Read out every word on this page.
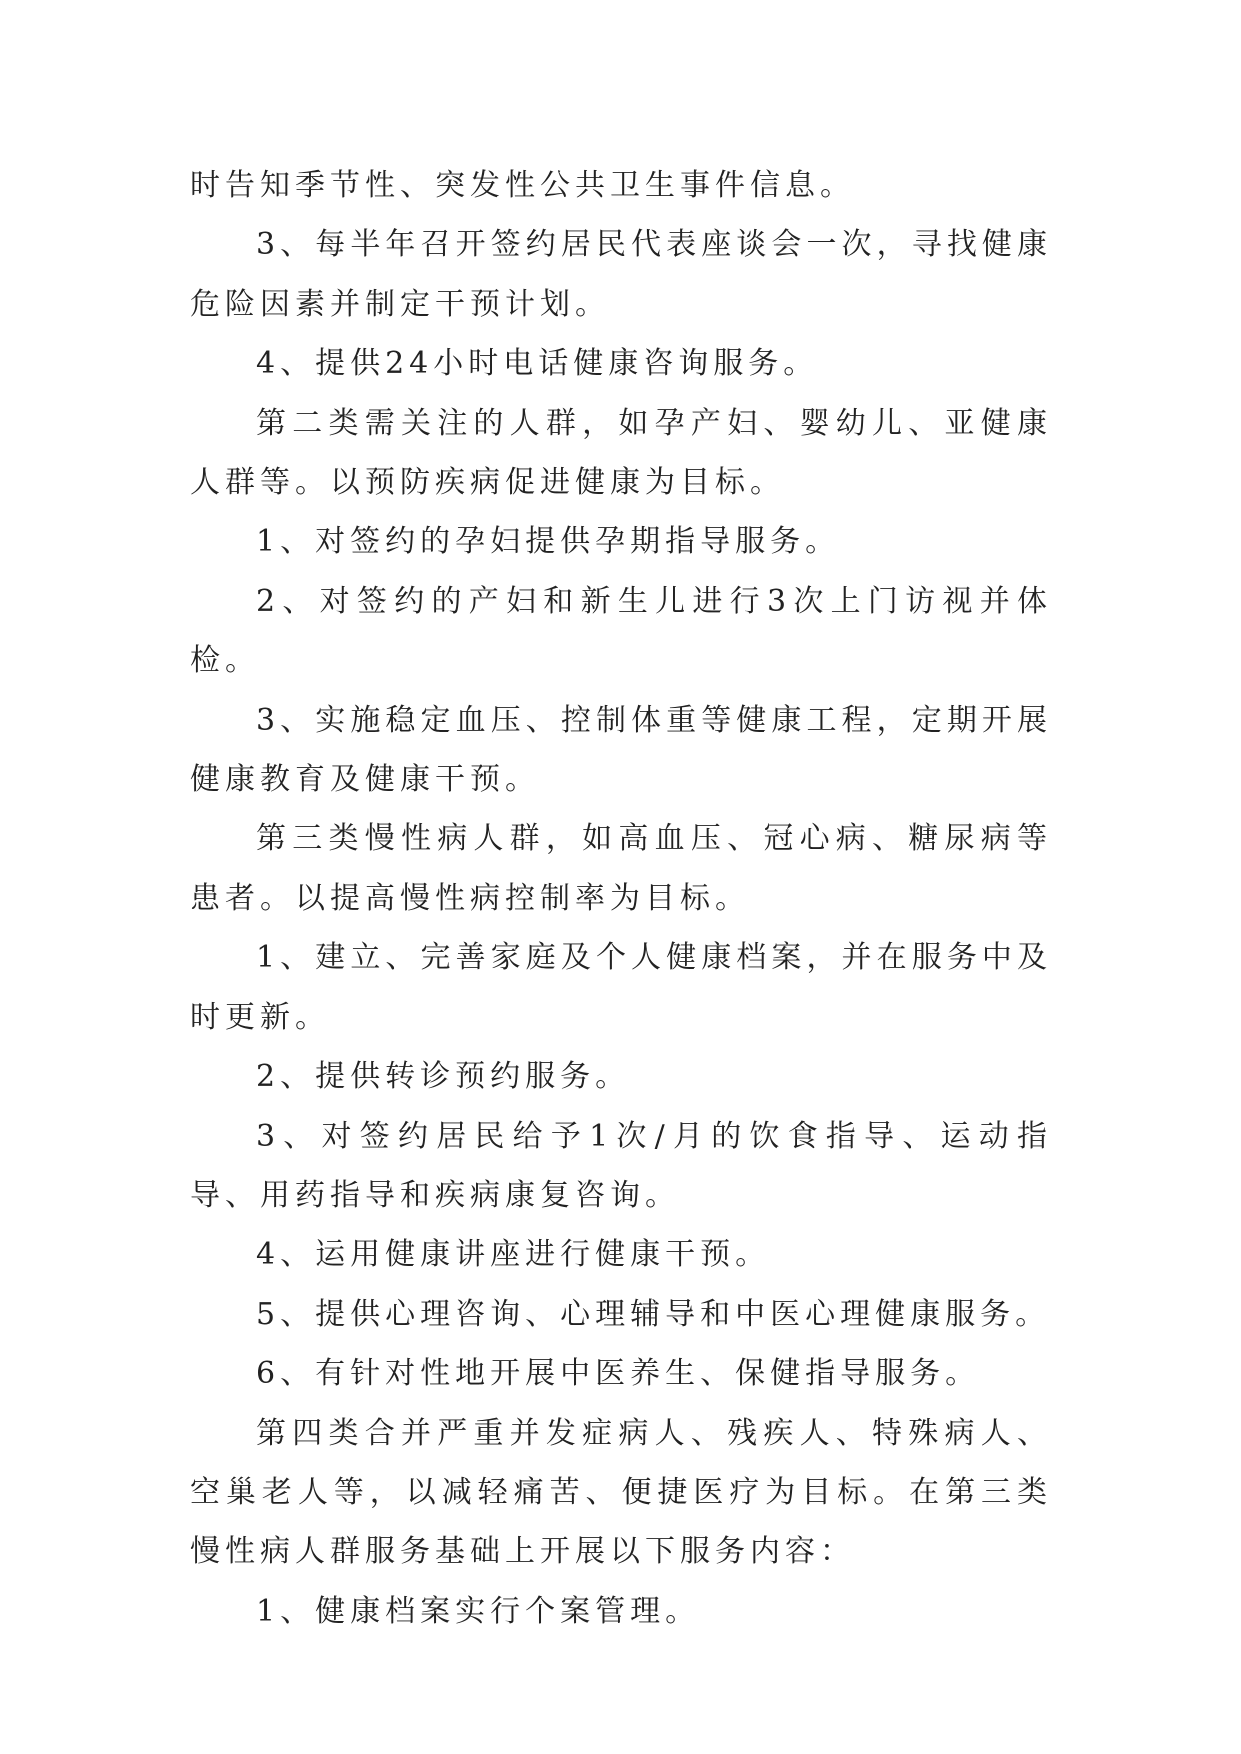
时告知季节性、突发性公共卫生事件信息。

3、每半年召开签约居民代表座谈会一次，寻找健康危险因素并制定干预计划。

4、提供24小时电话健康咨询服务。

第二类需关注的人群，如孕产妇、婴幼儿、亚健康人群等。以预防疾病促进健康为目标。

1、对签约的孕妇提供孕期指导服务。

2、对签约的产妇和新生儿进行3次上门访视并体检。

3、实施稳定血压、控制体重等健康工程，定期开展健康教育及健康干预。

第三类慢性病人群，如高血压、冠心病、糖尿病等患者。以提高慢性病控制率为目标。

1、建立、完善家庭及个人健康档案，并在服务中及时更新。

2、提供转诊预约服务。

3、对签约居民给予1次/月的饮食指导、运动指导、用药指导和疾病康复咨询。

4、运用健康讲座进行健康干预。

5、提供心理咨询、心理辅导和中医心理健康服务。

6、有针对性地开展中医养生、保健指导服务。

第四类合并严重并发症病人、残疾人、特殊病人、空巢老人等，以减轻痛苦、便捷医疗为目标。在第三类慢性病人群服务基础上开展以下服务内容：

1、健康档案实行个案管理。
